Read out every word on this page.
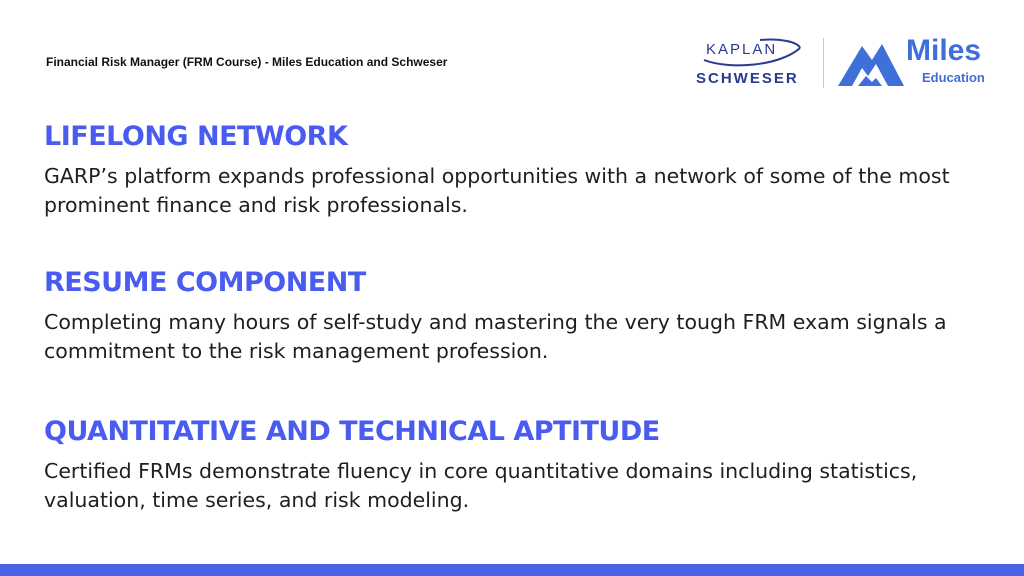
Financial Risk Manager (FRM Course) - Miles Education and Schweser
KAPLAN
SCHWESER
Miles
Education
LIFELONG NETWORK
GARP’s platform expands professional opportunities with a network of some of the most prominent finance and risk professionals.
RESUME COMPONENT
Completing many hours of self-study and mastering the very tough FRM exam signals a commitment to the risk management profession.
QUANTITATIVE AND TECHNICAL APTITUDE
Certified FRMs demonstrate fluency in core quantitative domains including statistics, valuation, time series, and risk modeling.
